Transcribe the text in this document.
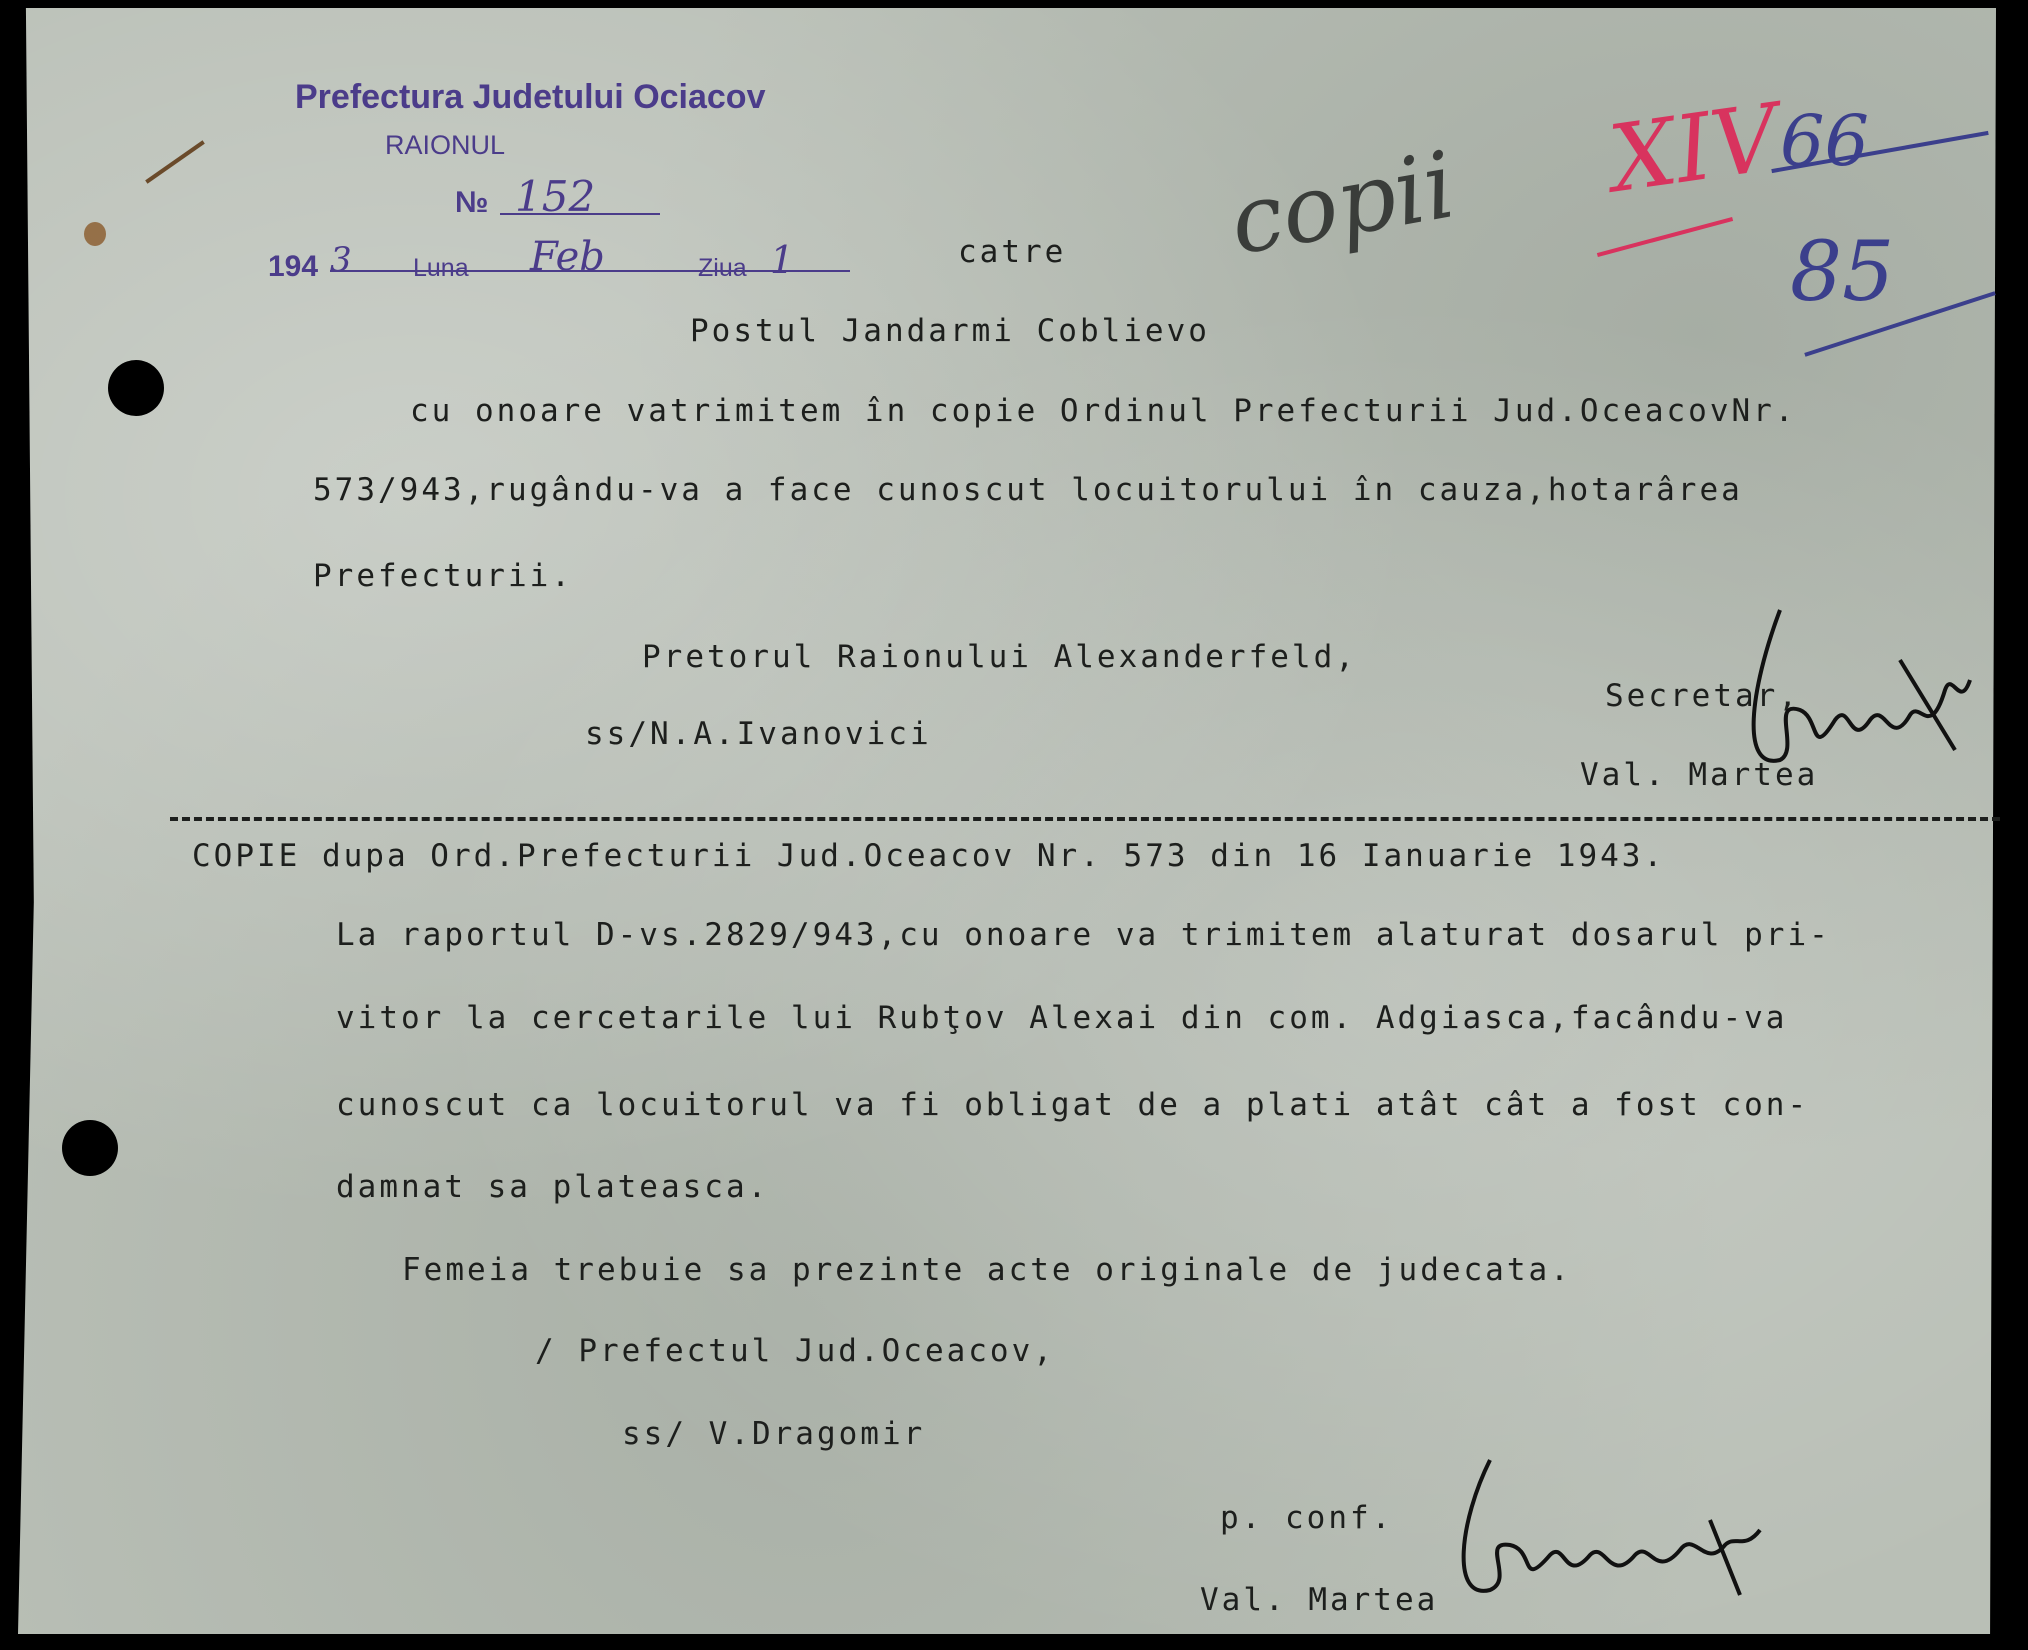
Prefectura Judetului Ociacov
RAIONUL
№ 152
194 3 Luna Feb	Ziua 1	catre copii XIV
66
85
Postul Jandarmi Coblievo
cu onoare vatrimitem în copie Ordinul Prefecturii Jud.OceacovNr.
573/943,rugându-va a face cunoscut locuitorului în cauza,hotarârea
Prefecturii.
Pretorul Raionului Alexanderfeld,
ss/N.A.Ivanovici
Secretar,
Val. Martea
COPIE dupa Ord.Prefecturii Jud.Oceacov Nr. 573 din 16 Ianuarie 1943.
La raportul D-vs.2829/943,cu onoare va trimitem alaturat dosarul pri-
vitor la cercetarile lui Rubţov Alexai din com. Adgiasca,facându-va
cunoscut ca locuitorul va fi obligat de a plati atât cât a fost con-
damnat sa plateasca.
Femeia trebuie sa prezinte acte originale de judecata.
/ Prefectul Jud.Oceacov,
ss/ V.Dragomir
p. conf.
Val. Martea
